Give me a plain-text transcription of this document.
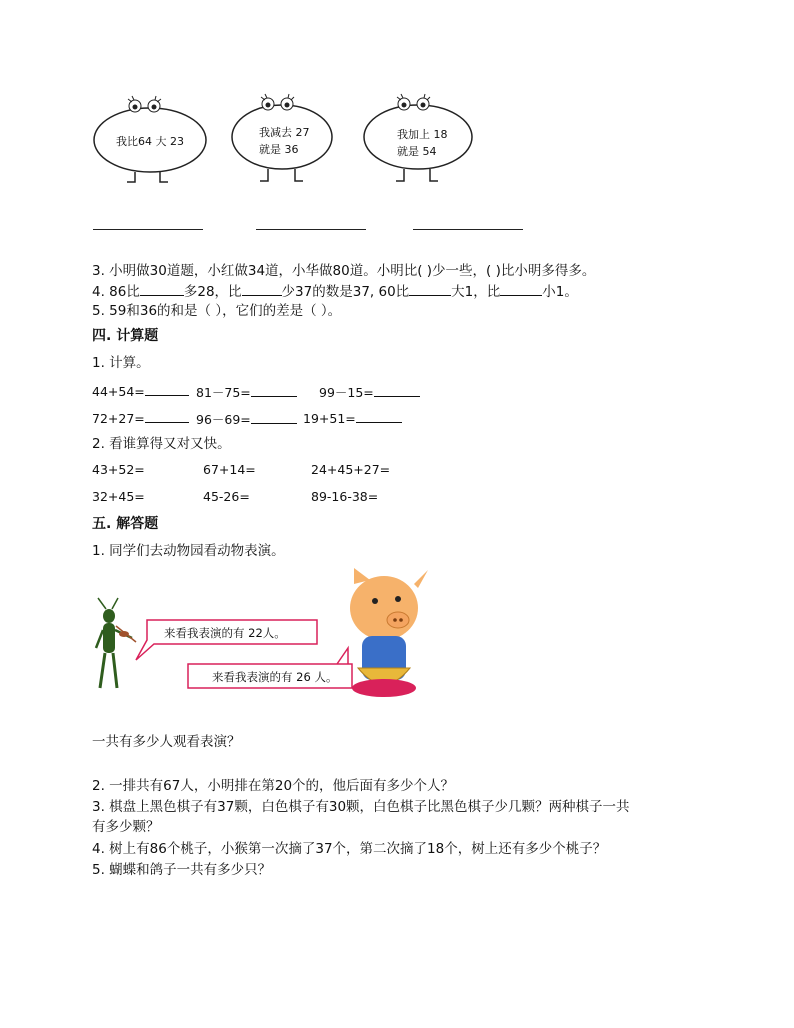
我比64 大 23
我减去 27
就是 36
我加上 18
就是 54
3. 小明做30道题，小红做34道，小华做80道。小明比( )少一些，( )比小明多得多。
4. 86比	多28，比	少37的数是37, 60比	大1，比	小1。
5. 59和36的和是（ ），它们的差是（ ）。
四. 计算题
1. 计算。
44+54=	81－75=	99－15=
72+27=	96－69=	19+51=
2. 看谁算得又对又快。
43+52=	67+14=	24+45+27=
32+45=	45-26=	89-16-38=
五. 解答题
1. 同学们去动物园看动物表演。
来看我表演的有 22人。
来看我表演的有 26 人。
一共有多少人观看表演？
2. 一排共有67人，小明排在第20个的，他后面有多少个人？
3. 棋盘上黑色棋子有37颗，白色棋子有30颗，白色棋子比黑色棋子少几颗？两种棋子一共
有多少颗？
4. 树上有86个桃子，小猴第一次摘了37个，第二次摘了18个，树上还有多少个桃子？
5. 蝴蝶和鸽子一共有多少只？
